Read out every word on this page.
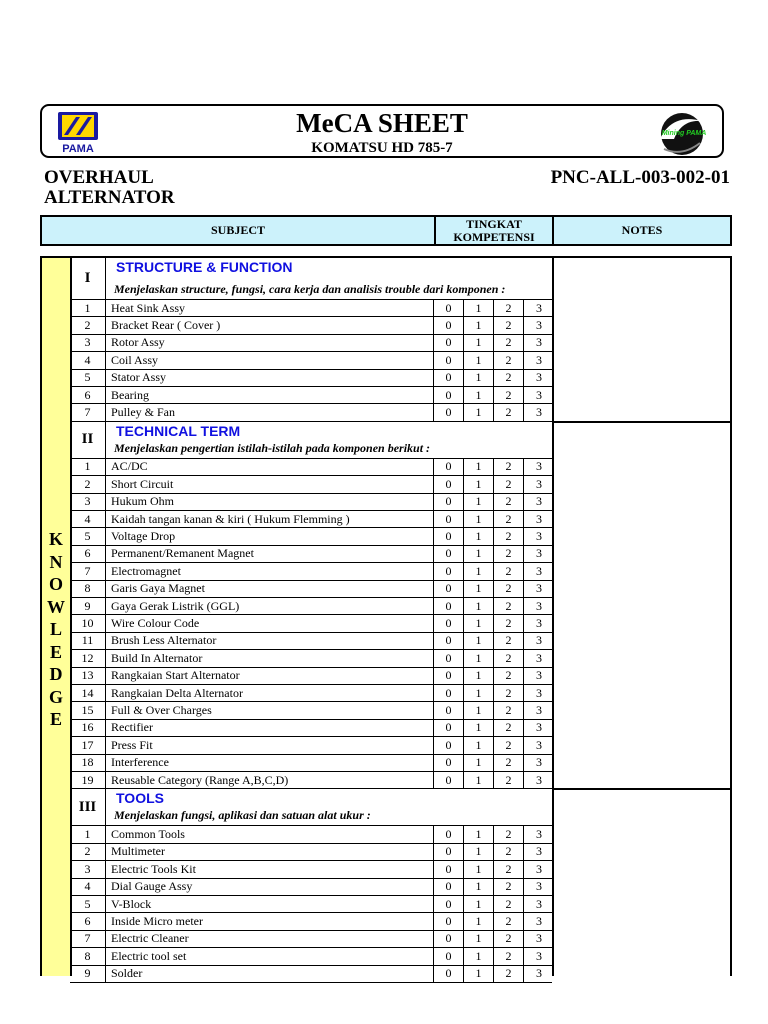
PAMA
MeCA SHEET
KOMATSU HD 785-7
Mining PAMA
OVERHAUL
ALTERNATOR
PNC-ALL-003-002-01
SUBJECT	TINGKAT KOMPETENSI	NOTES
K
N
O
W
L
E
D
G
E
I
STRUCTURE & FUNCTION
Menjelaskan structure, fungsi, cara kerja dan analisis trouble dari komponen :
1	Heat Sink Assy	0	1	2	3
2	Bracket Rear ( Cover )	0	1	2	3
3	Rotor Assy	0	1	2	3
4	Coil Assy	0	1	2	3
5	Stator Assy	0	1	2	3
6	Bearing	0	1	2	3
7	Pulley & Fan	0	1	2	3
II
TECHNICAL TERM
Menjelaskan pengertian istilah-istilah pada komponen berikut :
1	AC/DC	0	1	2	3
2	Short Circuit	0	1	2	3
3	Hukum Ohm	0	1	2	3
4	Kaidah tangan kanan & kiri ( Hukum Flemming )	0	1	2	3
5	Voltage Drop	0	1	2	3
6	Permanent/Remanent Magnet	0	1	2	3
7	Electromagnet	0	1	2	3
8	Garis Gaya Magnet	0	1	2	3
9	Gaya Gerak Listrik (GGL)	0	1	2	3
10	Wire Colour Code	0	1	2	3
11	Brush Less Alternator	0	1	2	3
12	Build In Alternator	0	1	2	3
13	Rangkaian Start Alternator	0	1	2	3
14	Rangkaian Delta Alternator	0	1	2	3
15	Full & Over Charges	0	1	2	3
16	Rectifier	0	1	2	3
17	Press Fit	0	1	2	3
18	Interference	0	1	2	3
19	Reusable Category (Range A,B,C,D)	0	1	2	3
III
TOOLS
Menjelaskan fungsi, aplikasi dan satuan alat ukur :
1	Common Tools	0	1	2	3
2	Multimeter	0	1	2	3
3	Electric Tools Kit	0	1	2	3
4	Dial Gauge Assy	0	1	2	3
5	V-Block	0	1	2	3
6	Inside Micro meter	0	1	2	3
7	Electric Cleaner	0	1	2	3
8	Electric tool set	0	1	2	3
9	Solder	0	1	2	3
